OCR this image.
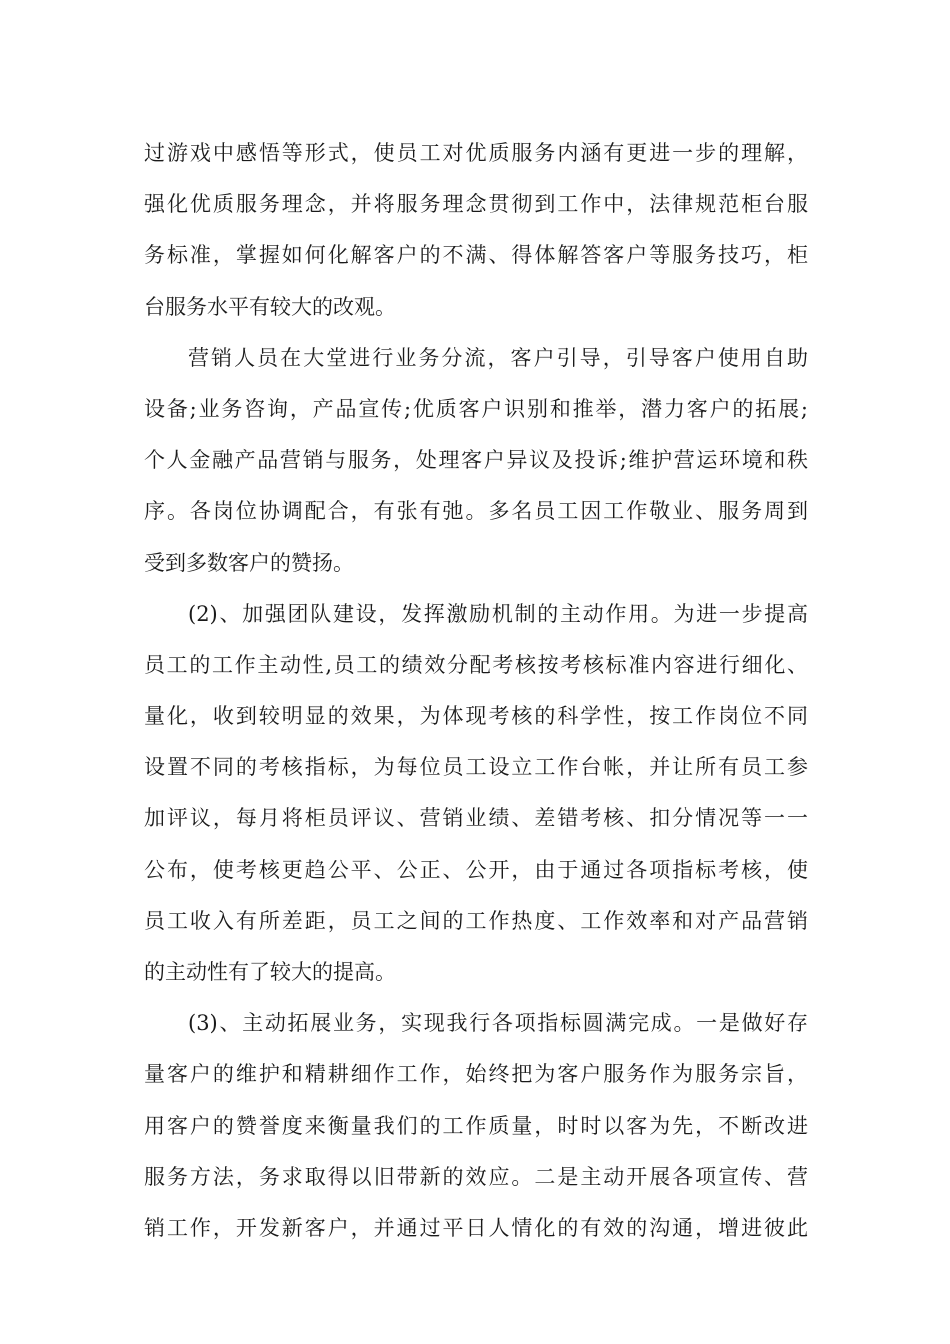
过游戏中感悟等形式，使员工对优质服务内涵有更进一步的理解，
强化优质服务理念，并将服务理念贯彻到工作中，法律规范柜台服
务标准，掌握如何化解客户的不满、得体解答客户等服务技巧，柜
台服务水平有较大的改观。
营销人员在大堂进行业务分流，客户引导，引导客户使用自助
设备;业务咨询，产品宣传;优质客户识别和推举，潜力客户的拓展;
个人金融产品营销与服务，处理客户异议及投诉;维护营运环境和秩
序。各岗位协调配合，有张有弛。多名员工因工作敬业、服务周到
受到多数客户的赞扬。
(2)、加强团队建设，发挥激励机制的主动作用。为进一步提高
员工的工作主动性,员工的绩效分配考核按考核标准内容进行细化、
量化，收到较明显的效果，为体现考核的科学性，按工作岗位不同
设置不同的考核指标，为每位员工设立工作台帐，并让所有员工参
加评议，每月将柜员评议、营销业绩、差错考核、扣分情况等一一
公布，使考核更趋公平、公正、公开，由于通过各项指标考核，使
员工收入有所差距，员工之间的工作热度、工作效率和对产品营销
的主动性有了较大的提高。
(3)、主动拓展业务，实现我行各项指标圆满完成。一是做好存
量客户的维护和精耕细作工作，始终把为客户服务作为服务宗旨，
用客户的赞誉度来衡量我们的工作质量，时时以客为先，不断改进
服务方法，务求取得以旧带新的效应。二是主动开展各项宣传、营
销工作，开发新客户，并通过平日人情化的有效的沟通，增进彼此
